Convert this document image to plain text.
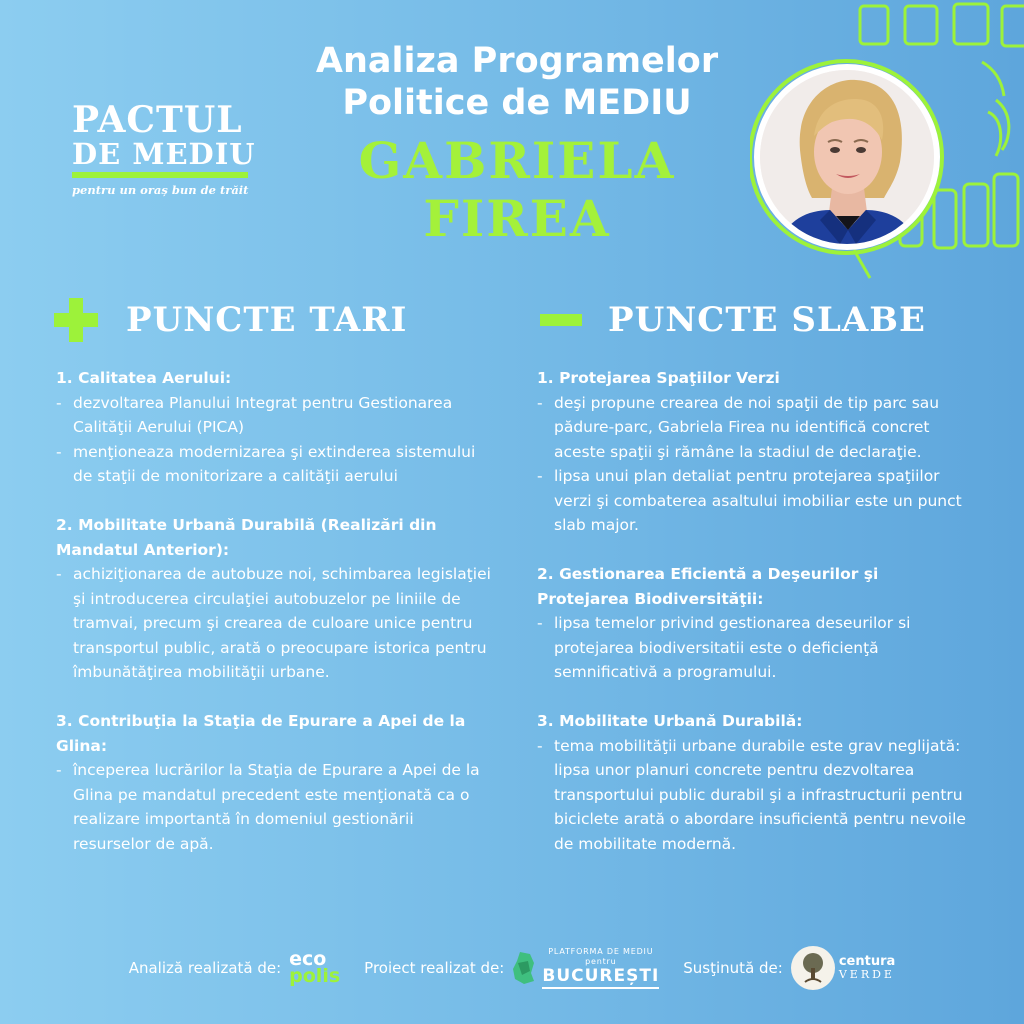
PACTUL
DE MEDIU
pentru un oraș bun de trăit
Analiza Programelor
Politice de MEDIU
GABRIELA
FIREA
PUNCTE TARI	PUNCTE SLABE
1. Calitatea Aerului:
- dezvoltarea Planului Integrat pentru Gestionarea Calităţii Aerului (PICA)
- menţioneaza modernizarea şi extinderea sistemului de staţii de monitorizare a calităţii aerului
2. Mobilitate Urbană Durabilă (Realizări din Mandatul Anterior):
- achiziţionarea de autobuze noi, schimbarea legislaţiei şi introducerea circulaţiei autobuzelor pe liniile de tramvai, precum şi crearea de culoare unice pentru transportul public, arată o preocupare istorica pentru îmbunătăţirea mobilităţii urbane.
3. Contribuţia la Staţia de Epurare a Apei de la Glina:
- începerea lucrărilor la Staţia de Epurare a Apei de la Glina pe mandatul precedent este menţionată ca o realizare importantă în domeniul gestionării resurselor de apă.
1. Protejarea Spaţiilor Verzi
- deşi propune crearea de noi spaţii de tip parc sau pădure-parc, Gabriela Firea nu identifică concret aceste spaţii şi rămâne la stadiul de declaraţie.
- lipsa unui plan detaliat pentru protejarea spaţiilor verzi şi combaterea asaltului imobiliar este un punct slab major.
2. Gestionarea Eficientă a Deşeurilor şi Protejarea Biodiversităţii:
- lipsa temelor privind gestionarea deseurilor si protejarea biodiversitatii este o deficienţă semnificativă a programului.
3. Mobilitate Urbană Durabilă:
- tema mobilităţii urbane durabile este grav neglijată: lipsa unor planuri concrete pentru dezvoltarea transportului public durabil şi a infrastructurii pentru biciclete arată o abordare insuficientă pentru nevoile de mobilitate modernă.
Analiză realizată de: eco
polis Proiect realizat de:
PLATFORMA DE MEDIU
pentru
BUCUREȘTI Susţinută de:	centura
VERDE
